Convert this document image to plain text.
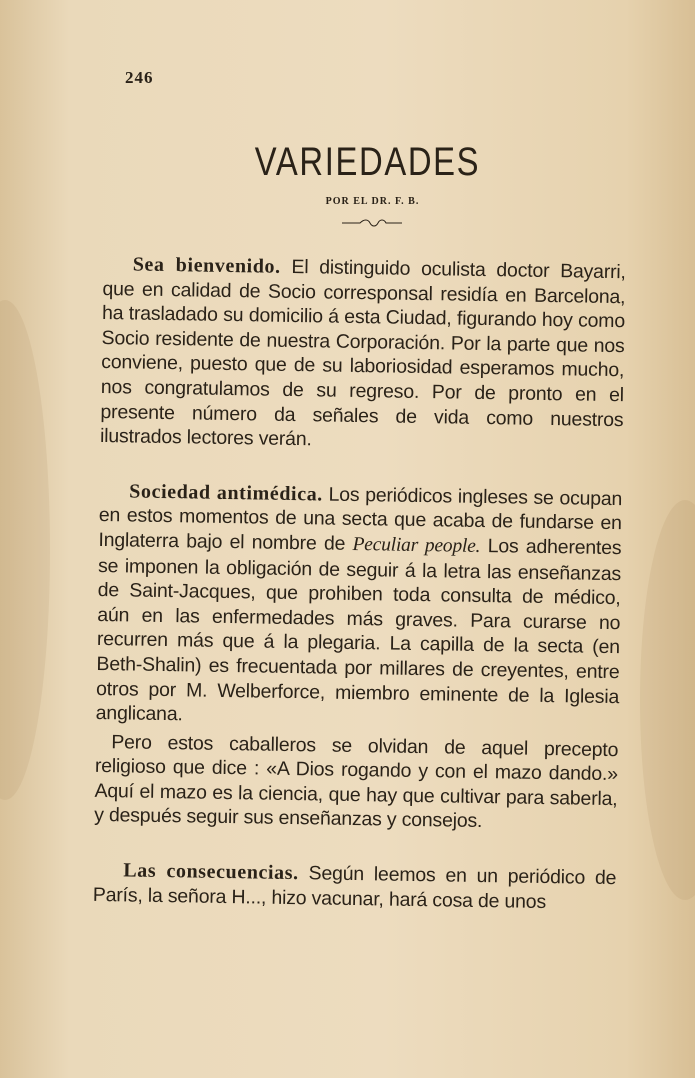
246
VARIEDADES
POR EL DR. F. B.

Sea bienvenido. El distinguido oculista doctor Bayarri, que en calidad de Socio corresponsal residía en Barcelona, ha trasladado su domicilio á esta Ciudad, figurando hoy como Socio residente de nuestra Corporación. Por la parte que nos conviene, puesto que de su laboriosidad esperamos mucho, nos congratulamos de su regreso. Por de pronto en el presente número da señales de vida como nuestros ilustrados lectores verán.

Sociedad antimédica. Los periódicos ingleses se ocupan en estos momentos de una secta que acaba de fundarse en Inglaterra bajo el nombre de Peculiar people. Los adherentes se imponen la obligación de seguir á la letra las enseñanzas de Saint-Jacques, que prohiben toda consulta de médico, aún en las enfermedades más graves. Para curarse no recurren más que á la plegaria. La capilla de la secta (en Beth-Shalin) es frecuentada por millares de creyentes, entre otros por M. Welberforce, miembro eminente de la Iglesia anglicana.

Pero estos caballeros se olvidan de aquel precepto religioso que dice : «A Dios rogando y con el mazo dando.» Aquí el mazo es la ciencia, que hay que cultivar para saberla, y después seguir sus enseñanzas y consejos.

Las consecuencias. Según leemos en un periódico de París, la señora H..., hizo vacunar, hará cosa de unos
